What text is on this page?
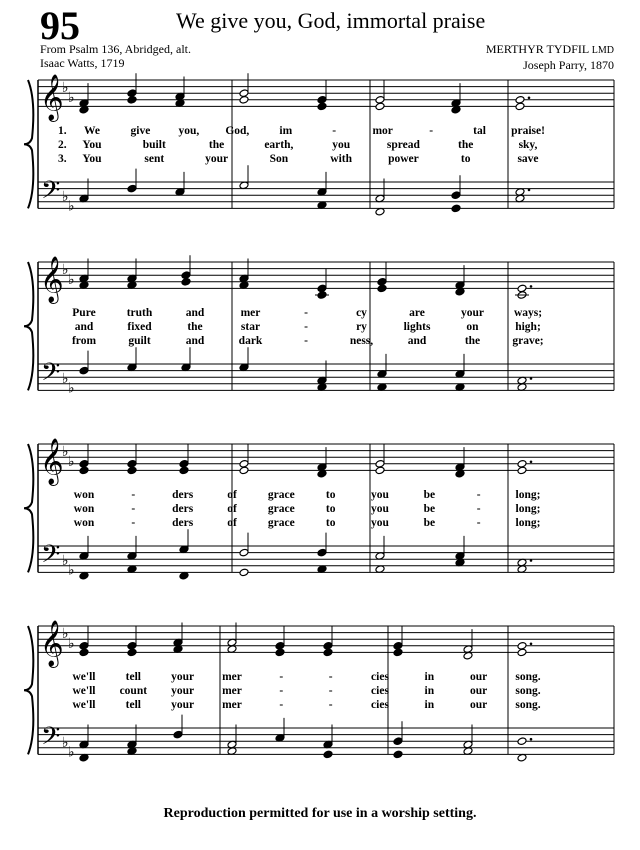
95	We give you, God, immortal praise
From Psalm 136, Abridged, alt.
Isaac Watts, 1719
MERTHYR TYDFIL LMD
Joseph Parry, 1870
𝄞
𝄢
♭
♭
♭
♭
1. We	give you, God,	im	-	mor	-	tal praise!
2. You	built	the	earth,	you	spread	the	sky,
3. You	sent	your	Son	with	power	to	save
𝄞
𝄢
♭
♭
♭
♭
Pure	truth	and	mer	-	cy	are	your	ways;
and	fixed	the	star	-	ry	lights	on	high;
from	guilt	and	dark	-	ness,	and	the	grave;
𝄞
𝄢
♭
♭
♭
♭
won	-	ders	of	grace	to	you	be	-	long;
won	-	ders	of	grace	to	you	be	-	long;
won	-	ders	of	grace	to	you	be	-	long;
𝄞
𝄢
♭
♭
♭
♭
we'll	tell	your mer	-	-	cies	in	our song.
we'll count your mer	-	-	cies	in	our song.
we'll	tell	your mer	-	-	cies	in	our song.
Reproduction permitted for use in a worship setting.
